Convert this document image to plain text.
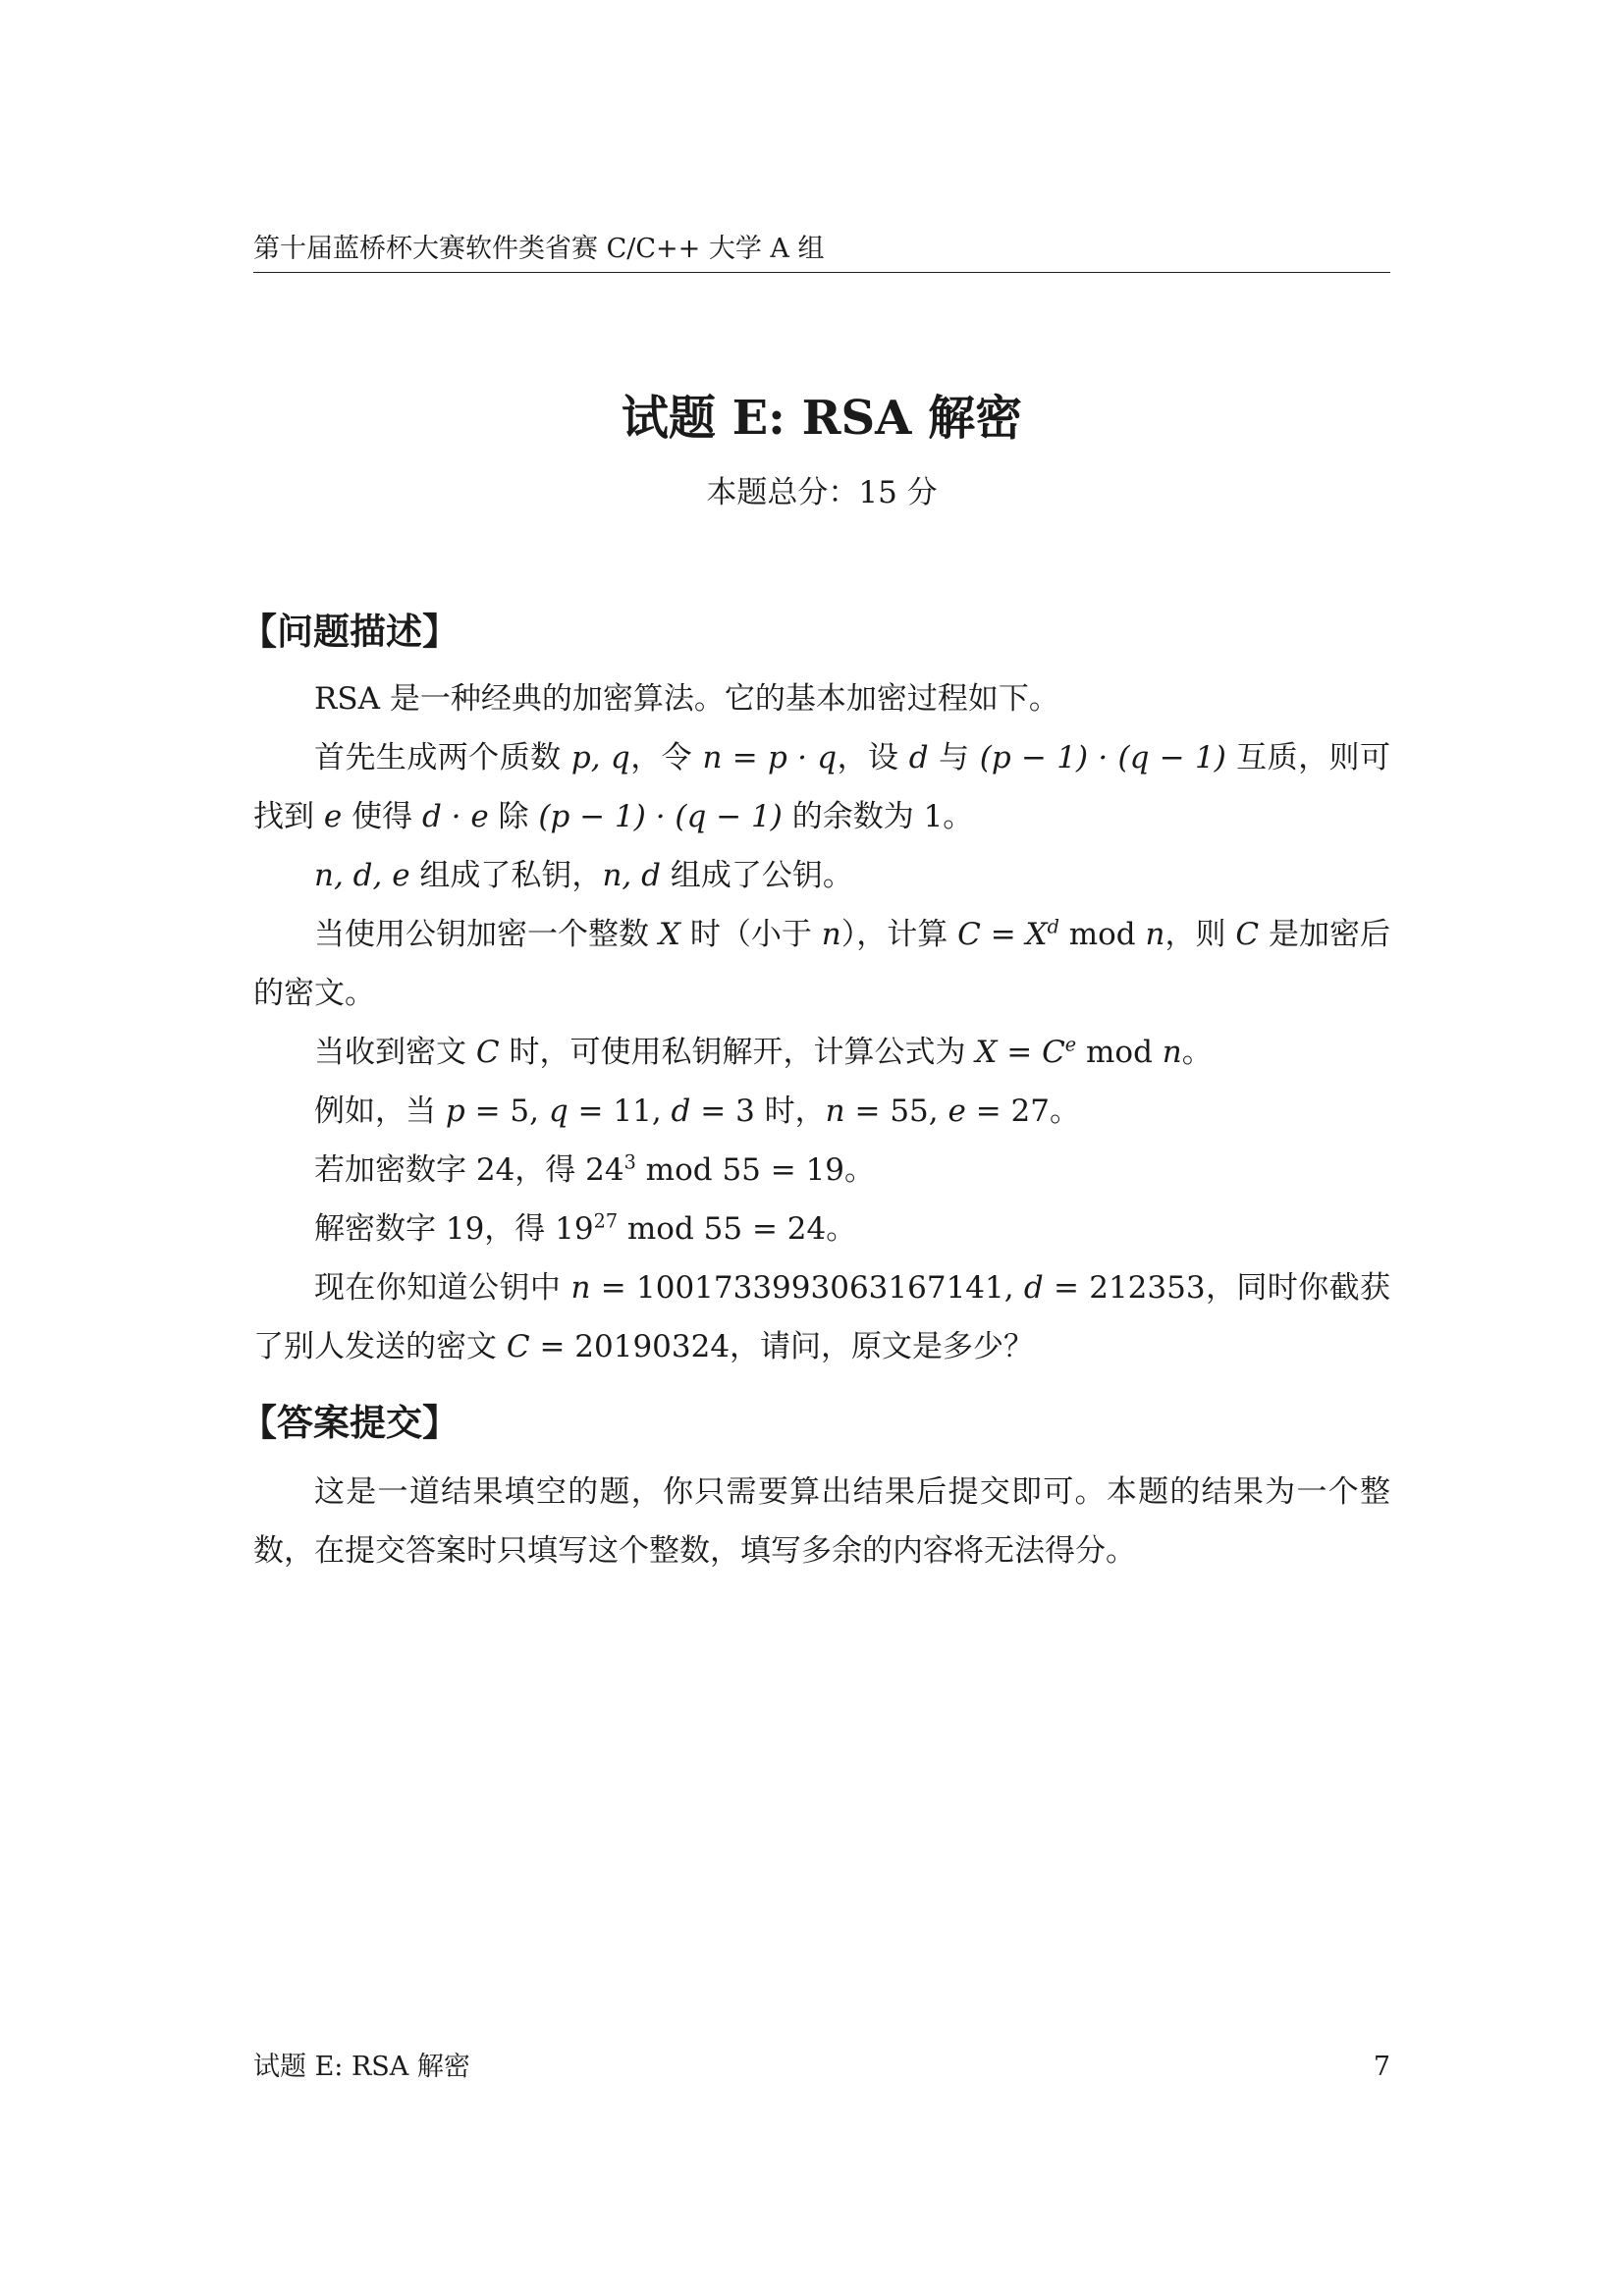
第十届蓝桥杯大赛软件类省赛 C/C++ 大学 A 组
试题 E: RSA 解密
本题总分：15 分
【问题描述】

RSA 是一种经典的加密算法。它的基本加密过程如下。

首先生成两个质数 p, q，令 n = p · q，设 d 与 (p − 1) · (q − 1) 互质，则可找到 e 使得 d · e 除 (p − 1) · (q − 1) 的余数为 1。

n, d, e 组成了私钥，n, d 组成了公钥。

当使用公钥加密一个整数 X 时（小于 n），计算 $C = X^d$ mod n，则 C 是加密后的密文。

当收到密文 C 时，可使用私钥解开，计算公式为 $X = C^e$ mod n。

例如，当 p = 5, q = 11, d = 3 时，n = 55, e = 27。

若加密数字 24，得 $24^3$ mod 55 = 19。

解密数字 19，得 $19^{27}$ mod 55 = 24。

现在你知道公钥中 n = 1001733993063167141, d = 212353，同时你截获了别人发送的密文 C = 20190324，请问，原文是多少？

【答案提交】

这是一道结果填空的题，你只需要算出结果后提交即可。本题的结果为一个整数，在提交答案时只填写这个整数，填写多余的内容将无法得分。

试题 E: RSA 解密	7
